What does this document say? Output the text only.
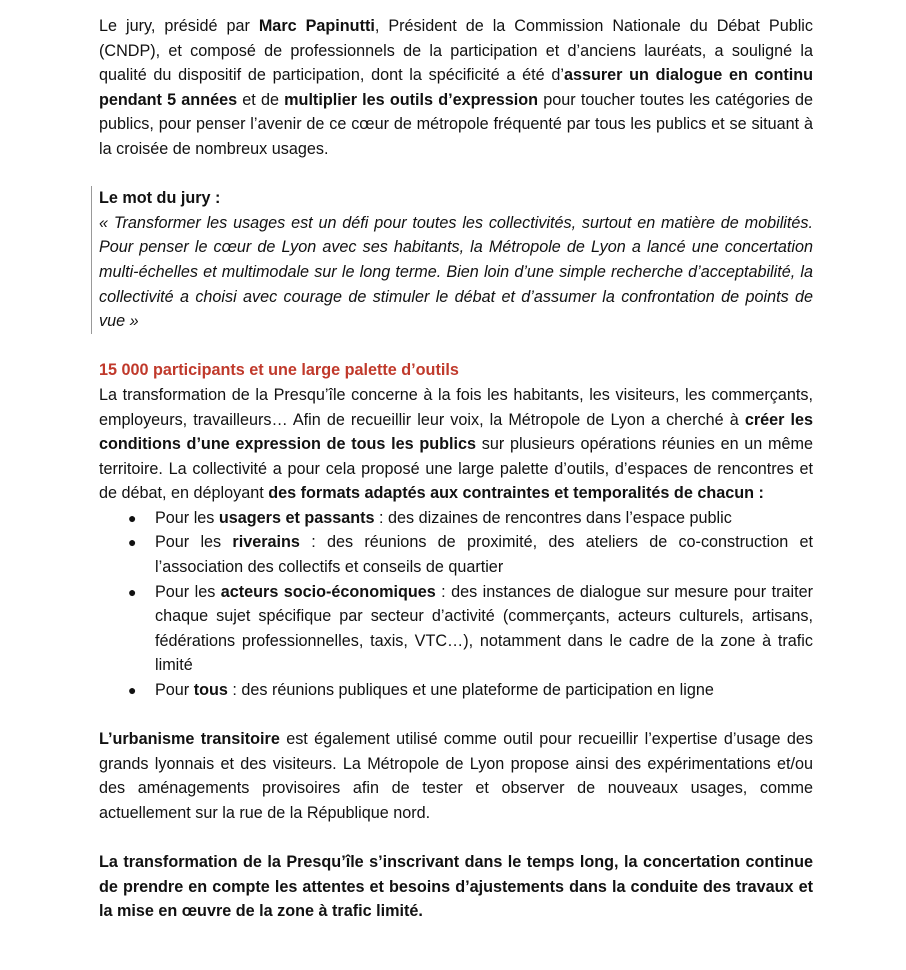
Le jury, présidé par Marc Papinutti, Président de la Commission Nationale du Débat Public (CNDP), et composé de professionnels de la participation et d’anciens lauréats, a souligné la qualité du dispositif de participation, dont la spécificité a été d’assurer un dialogue en continu pendant 5 années et de multiplier les outils d’expression pour toucher toutes les catégories de publics, pour penser l’avenir de ce cœur de métropole fréquenté par tous les publics et se situant à la croisée de nombreux usages.

Le mot du jury :

« Transformer les usages est un défi pour toutes les collectivités, surtout en matière de mobilités. Pour penser le cœur de Lyon avec ses habitants, la Métropole de Lyon a lancé une concertation multi-échelles et multimodale sur le long terme. Bien loin d’une simple recherche d’acceptabilité, la collectivité a choisi avec courage de stimuler le débat et d’assumer la confrontation de points de vue »

15 000 participants et une large palette d’outils

La transformation de la Presqu’île concerne à la fois les habitants, les visiteurs, les commerçants, employeurs, travailleurs… Afin de recueillir leur voix, la Métropole de Lyon a cherché à créer les conditions d’une expression de tous les publics sur plusieurs opérations réunies en un même territoire. La collectivité a pour cela proposé une large palette d’outils, d’espaces de rencontres et de débat, en déployant des formats adaptés aux contraintes et temporalités de chacun :

● Pour les usagers et passants : des dizaines de rencontres dans l’espace public
● Pour les riverains : des réunions de proximité, des ateliers de co-construction et l’association des collectifs et conseils de quartier
● Pour les acteurs socio-économiques : des instances de dialogue sur mesure pour traiter chaque sujet spécifique par secteur d’activité (commerçants, acteurs culturels, artisans, fédérations professionnelles, taxis, VTC…), notamment dans le cadre de la zone à trafic limité
● Pour tous : des réunions publiques et une plateforme de participation en ligne

L’urbanisme transitoire est également utilisé comme outil pour recueillir l’expertise d’usage des grands lyonnais et des visiteurs. La Métropole de Lyon propose ainsi des expérimentations et/ou des aménagements provisoires afin de tester et observer de nouveaux usages, comme actuellement sur la rue de la République nord.

La transformation de la Presqu’île s’inscrivant dans le temps long, la concertation continue de prendre en compte les attentes et besoins d’ajustements dans la conduite des travaux et la mise en œuvre de la zone à trafic limité.
